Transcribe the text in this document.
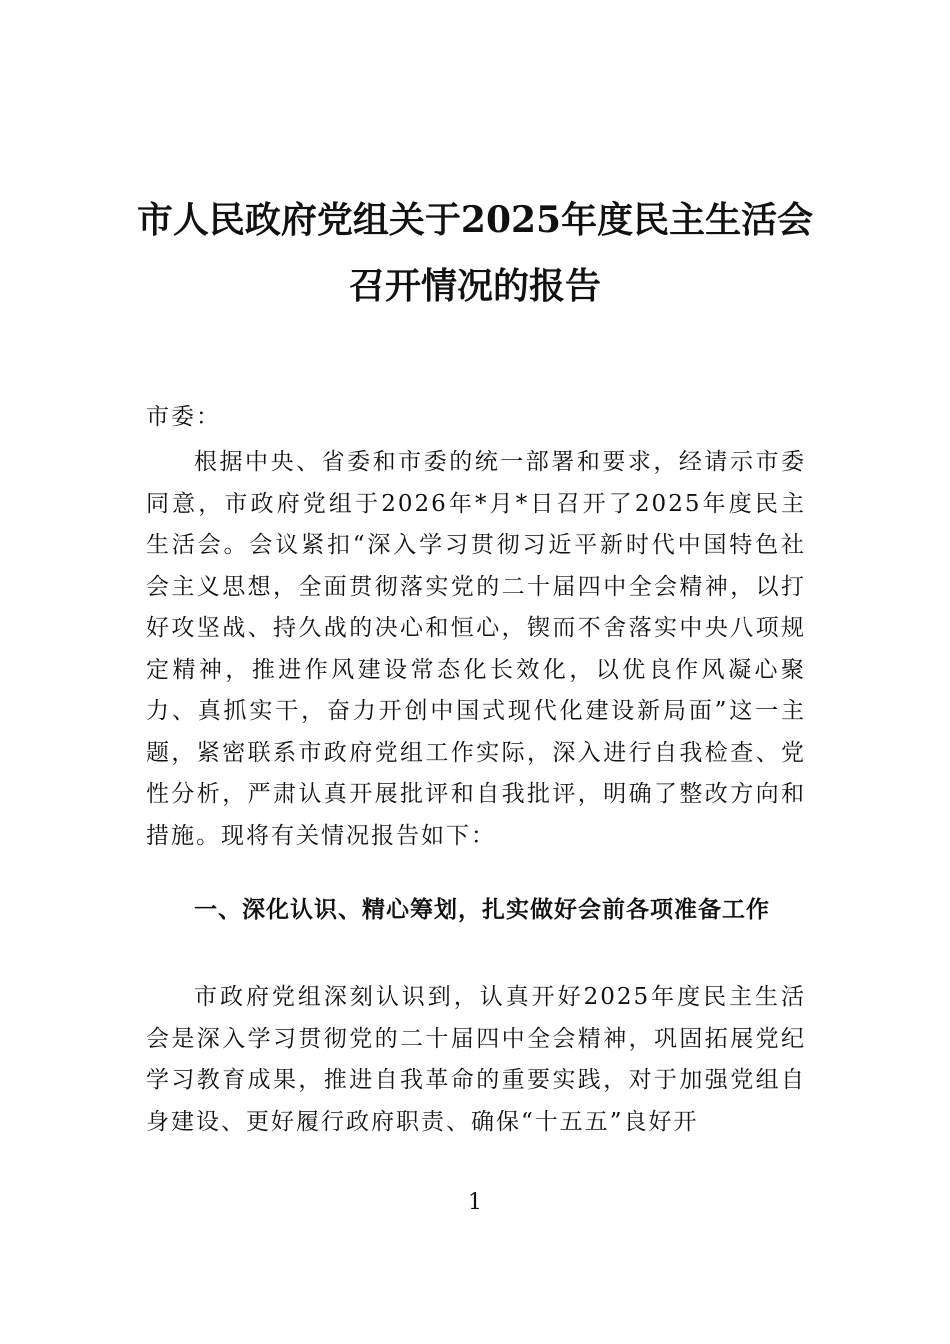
市人民政府党组关于2025年度民主生活会
召开情况的报告

市委：

根据中央、省委和市委的统一部署和要求，经请示市委同意，市政府党组于2026年*月*日召开了2025年度民主生活会。会议紧扣“深入学习贯彻习近平新时代中国特色社会主义思想，全面贯彻落实党的二十届四中全会精神，以打好攻坚战、持久战的决心和恒心，锲而不舍落实中央八项规定精神，推进作风建设常态化长效化，以优良作风凝心聚力、真抓实干，奋力开创中国式现代化建设新局面”这一主题，紧密联系市政府党组工作实际，深入进行自我检查、党性分析，严肃认真开展批评和自我批评，明确了整改方向和措施。现将有关情况报告如下：

一、深化认识、精心筹划，扎实做好会前各项准备工作

市政府党组深刻认识到，认真开好2025年度民主生活会是深入学习贯彻党的二十届四中全会精神，巩固拓展党纪学习教育成果，推进自我革命的重要实践，对于加强党组自身建设、更好履行政府职责、确保“十五五”良好开

1
